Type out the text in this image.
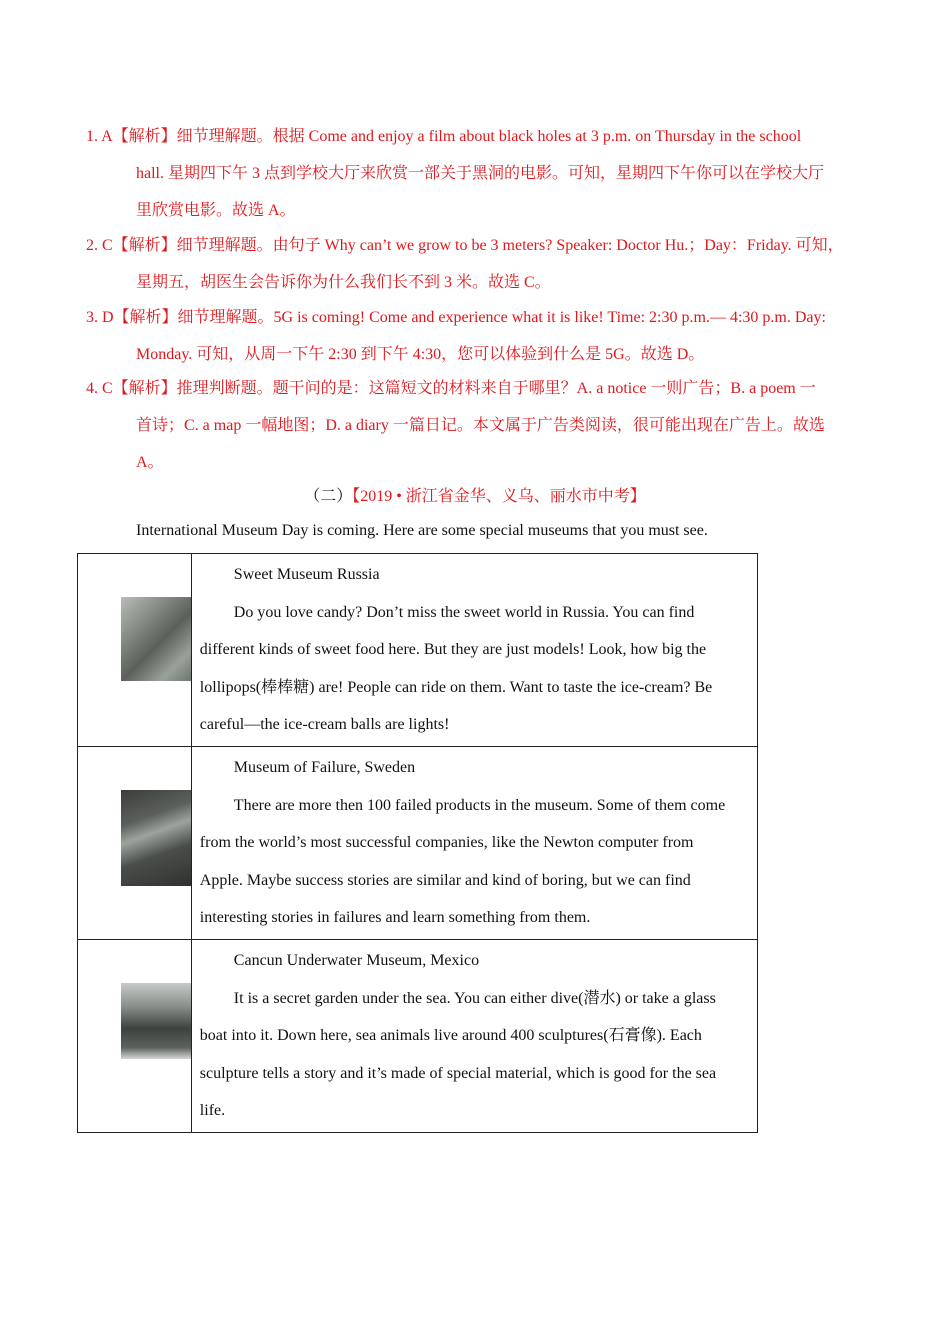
1. A【解析】细节理解题。根据 Come and enjoy a film about black holes at 3 p.m. on Thursday in the school
hall. 星期四下午 3 点到学校大厅来欣赏一部关于黑洞的电影。可知，星期四下午你可以在学校大厅
里欣赏电影。故选 A。
2. C【解析】细节理解题。由句子 Why can’t we grow to be 3 meters? Speaker: Doctor Hu.；Day：Friday. 可知，
星期五，胡医生会告诉你为什么我们长不到 3 米。故选 C。
3. D【解析】细节理解题。5G is coming! Come and experience what it is like! Time: 2:30 p.m.— 4:30 p.m. Day:
Monday. 可知，从周一下午 2:30 到下午 4:30，您可以体验到什么是 5G。故选 D。
4. C【解析】推理判断题。题干问的是：这篇短文的材料来自于哪里？A. a notice 一则广告；B. a poem 一
首诗；C. a map 一幅地图；D. a diary 一篇日记。本文属于广告类阅读，很可能出现在广告上。故选
A。
（二）【2019 • 浙江省金华、义乌、丽水市中考】
International Museum Day is coming. Here are some special museums that you must see.

	Sweet Museum Russia
Do you love candy? Don’t miss the sweet world in Russia. You can find
different kinds of sweet food here. But they are just models! Look, how big the
lollipops(棒棒糖) are! People can ride on them. Want to taste the ice-cream? Be
careful—the ice-cream balls are lights!

	Museum of Failure, Sweden
There are more then 100 failed products in the museum. Some of them come
from the world’s most successful companies, like the Newton computer from
Apple. Maybe success stories are similar and kind of boring, but we can find
interesting stories in failures and learn something from them.

	Cancun Underwater Museum, Mexico
It is a secret garden under the sea. You can either dive(潜水) or take a glass
boat into it. Down here, sea animals live around 400 sculptures(石膏像). Each
sculpture tells a story and it’s made of special material, which is good for the sea
life.
